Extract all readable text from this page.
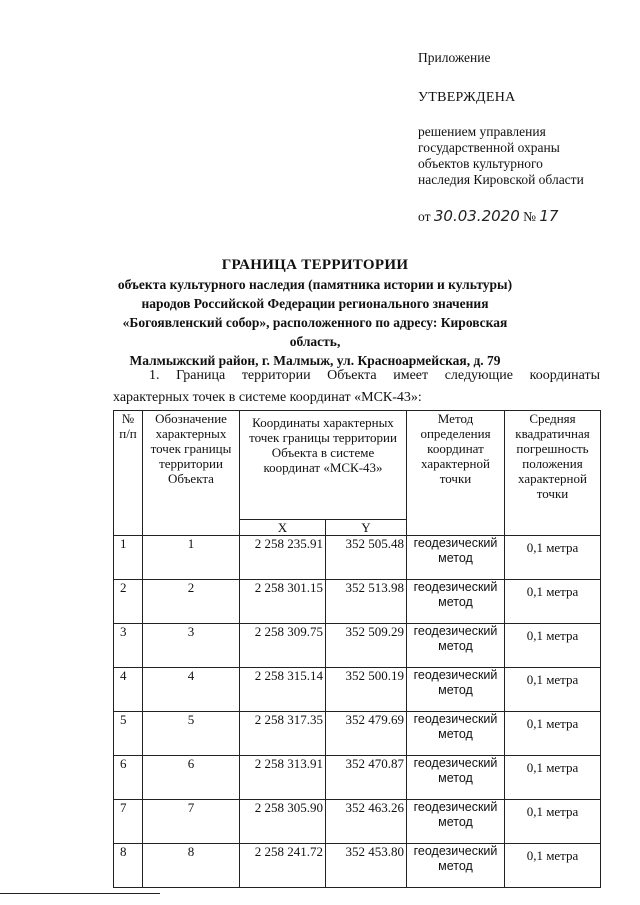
Приложение
УТВЕРЖДЕНА
решением управления
государственной охраны
объектов культурного
наследия Кировской области
от 30.03.2020 № 17
ГРАНИЦА ТЕРРИТОРИИ
объекта культурного наследия (памятника истории и культуры)
народов Российской Федерации регионального значения
«Богоявленский собор», расположенного по адресу: Кировская область,
Малмыжский район, г. Малмыж, ул. Красноармейская, д. 79
1. Граница территории Объекта имеет следующие координаты
характерных точек в системе координат «МСК-43»:
№ п/п	Обозначение характерных точек границы территории Объекта	Координаты характерных точек границы территории Объекта в системе координат «МСК-43»		Метод определения координат характерной точки	Средняя квадратичная погрешность положения характерной точки
		X	Y		
1	1	2 258 235.91	352 505.48	геодезический метод	0,1 метра
2	2	2 258 301.15	352 513.98	геодезический метод	0,1 метра
3	3	2 258 309.75	352 509.29	геодезический метод	0,1 метра
4	4	2 258 315.14	352 500.19	геодезический метод	0,1 метра
5	5	2 258 317.35	352 479.69	геодезический метод	0,1 метра
6	6	2 258 313.91	352 470.87	геодезический метод	0,1 метра
7	7	2 258 305.90	352 463.26	геодезический метод	0,1 метра
8	8	2 258 241.72	352 453.80	геодезический метод	0,1 метра
